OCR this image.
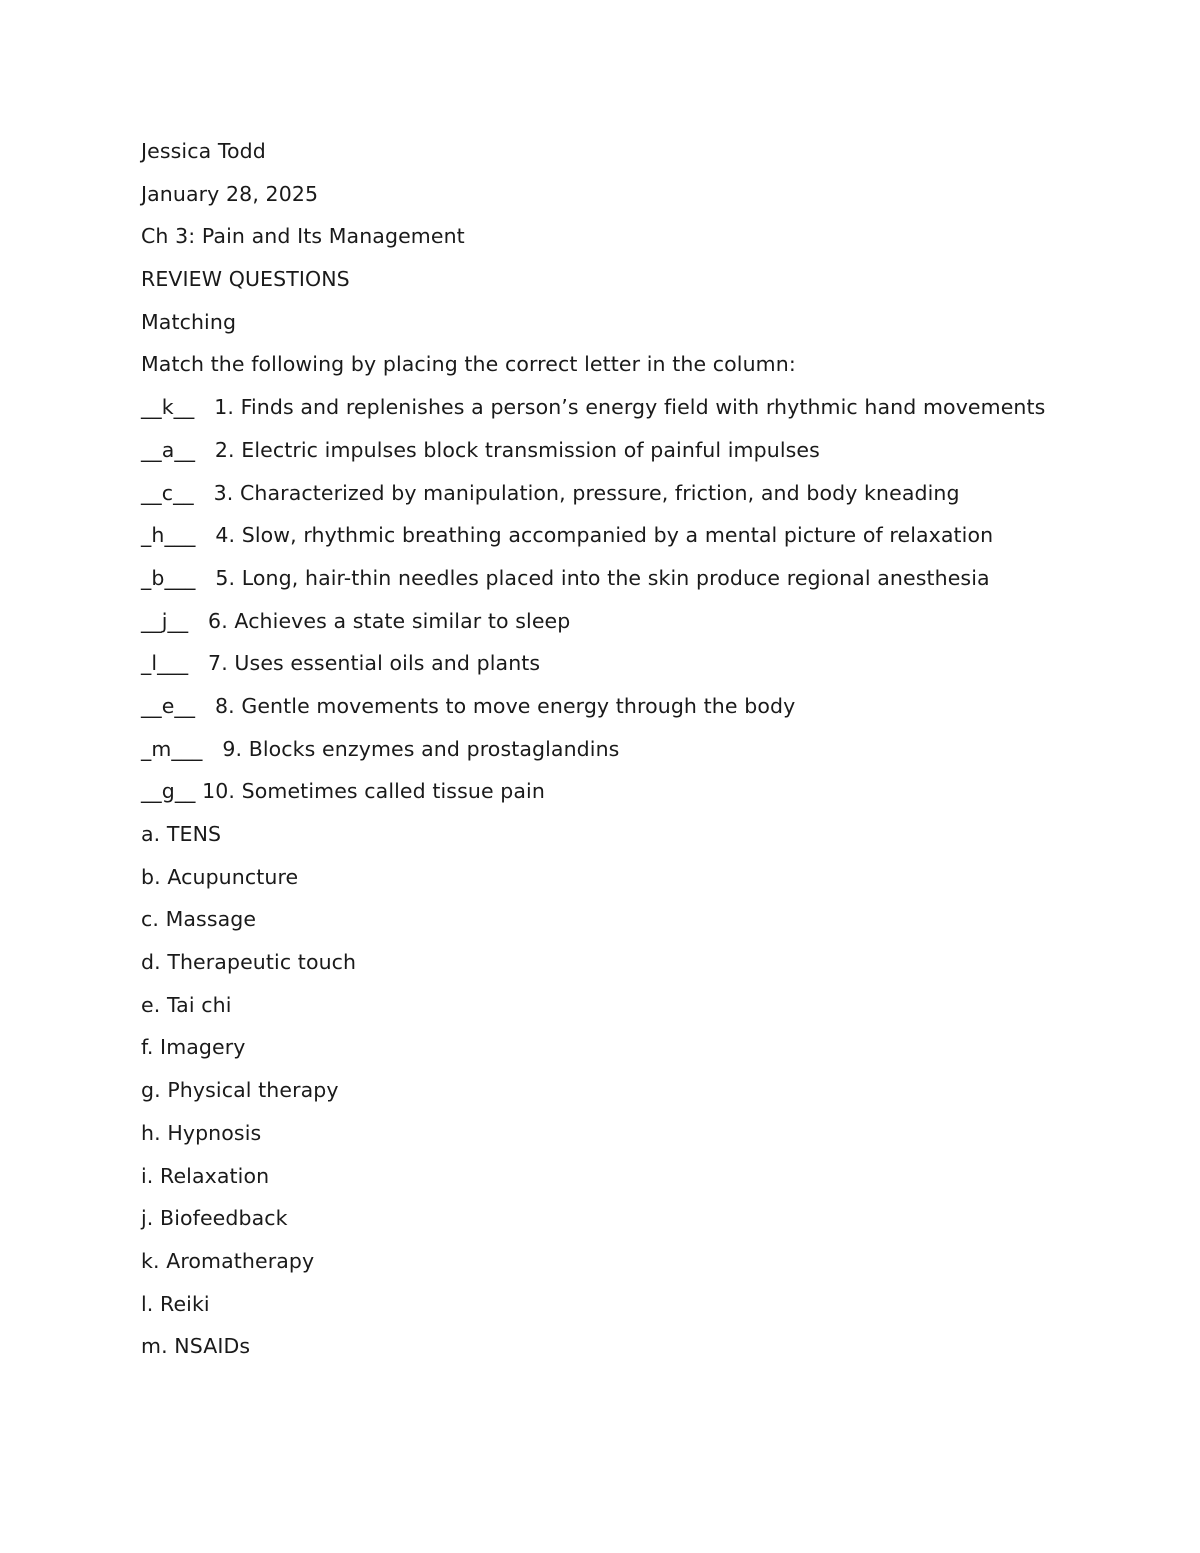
Jessica Todd
January 28, 2025
Ch 3: Pain and Its Management
REVIEW QUESTIONS
Matching
Match the following by placing the correct letter in the column:
__k__   1. Finds and replenishes a person’s energy field with rhythmic hand movements
__a__   2. Electric impulses block transmission of painful impulses
__c__   3. Characterized by manipulation, pressure, friction, and body kneading
_h___   4. Slow, rhythmic breathing accompanied by a mental picture of relaxation
_b___   5. Long, hair-thin needles placed into the skin produce regional anesthesia
__j__   6. Achieves a state similar to sleep
_l___   7. Uses essential oils and plants
__e__   8. Gentle movements to move energy through the body
_m___   9. Blocks enzymes and prostaglandins
__g__ 10. Sometimes called tissue pain
a. TENS
b. Acupuncture
c. Massage
d. Therapeutic touch
e. Tai chi
f. Imagery
g. Physical therapy
h. Hypnosis
i. Relaxation
j. Biofeedback
k. Aromatherapy
l. Reiki
m. NSAIDs
